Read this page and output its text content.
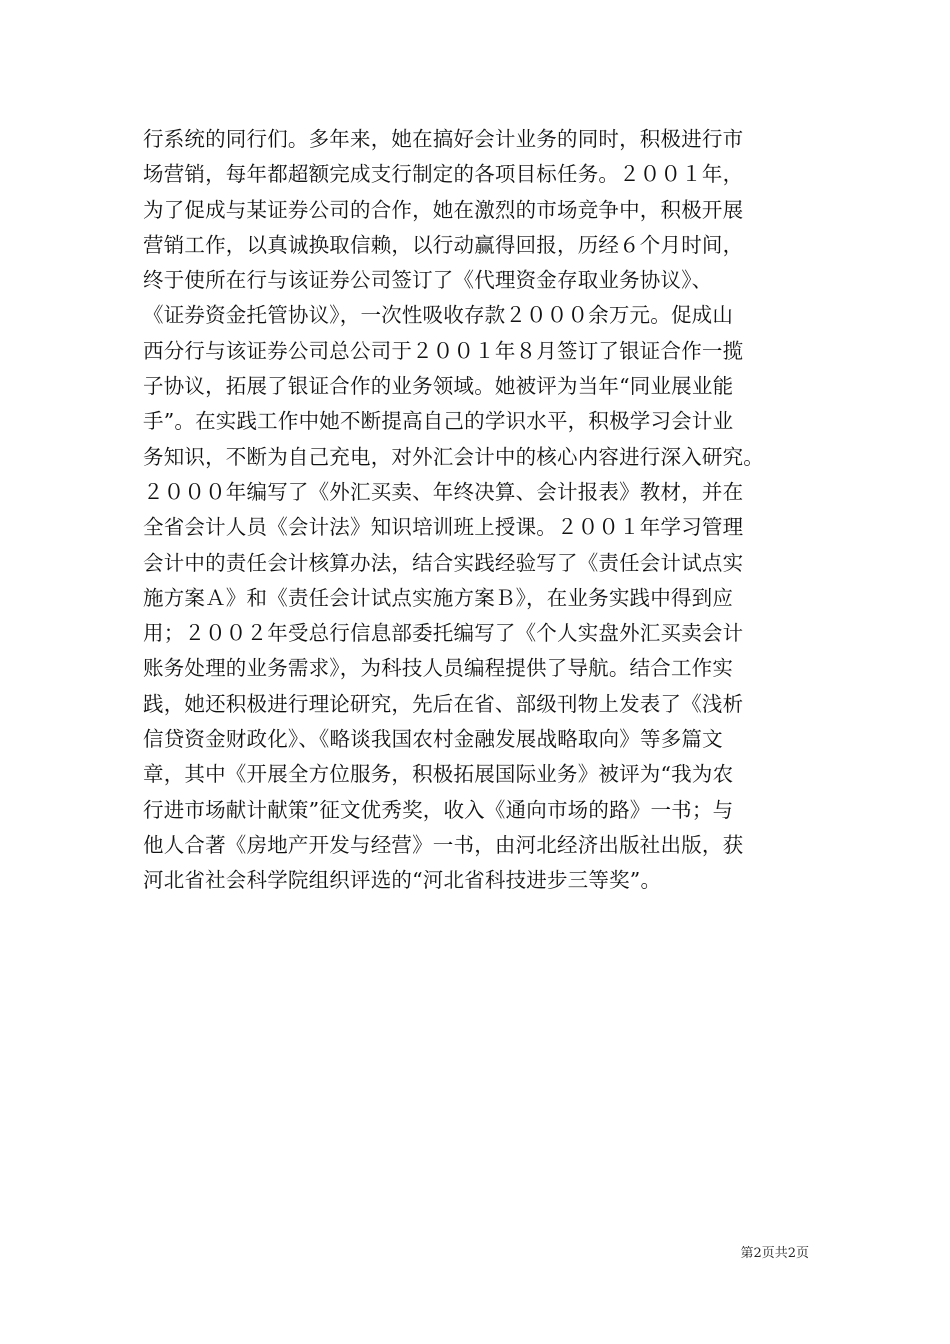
行系统的同行们。多年来，她在搞好会计业务的同时，积极进行市
场营销，每年都超额完成支行制定的各项目标任务。２００１年，
为了促成与某证券公司的合作，她在激烈的市场竞争中，积极开展
营销工作，以真诚换取信赖，以行动赢得回报，历经６个月时间，
终于使所在行与该证券公司签订了《代理资金存取业务协议》、
《证券资金托管协议》，一次性吸收存款２０００余万元。促成山
西分行与该证券公司总公司于２００１年８月签订了银证合作一揽
子协议，拓展了银证合作的业务领域。她被评为当年“同业展业能
手”。在实践工作中她不断提高自己的学识水平，积极学习会计业
务知识，不断为自己充电，对外汇会计中的核心内容进行深入研究。
２０００年编写了《外汇买卖、年终决算、会计报表》教材，并在
全省会计人员《会计法》知识培训班上授课。２００１年学习管理
会计中的责任会计核算办法，结合实践经验写了《责任会计试点实
施方案Ａ》和《责任会计试点实施方案Ｂ》，在业务实践中得到应
用；２００２年受总行信息部委托编写了《个人实盘外汇买卖会计
账务处理的业务需求》，为科技人员编程提供了导航。结合工作实
践，她还积极进行理论研究，先后在省、部级刊物上发表了《浅析
信贷资金财政化》、《略谈我国农村金融发展战略取向》等多篇文
章，其中《开展全方位服务，积极拓展国际业务》被评为“我为农
行进市场献计献策”征文优秀奖，收入《通向市场的路》一书；与
他人合著《房地产开发与经营》一书，由河北经济出版社出版，获
河北省社会科学院组织评选的“河北省科技进步三等奖”。
第2页共2页
